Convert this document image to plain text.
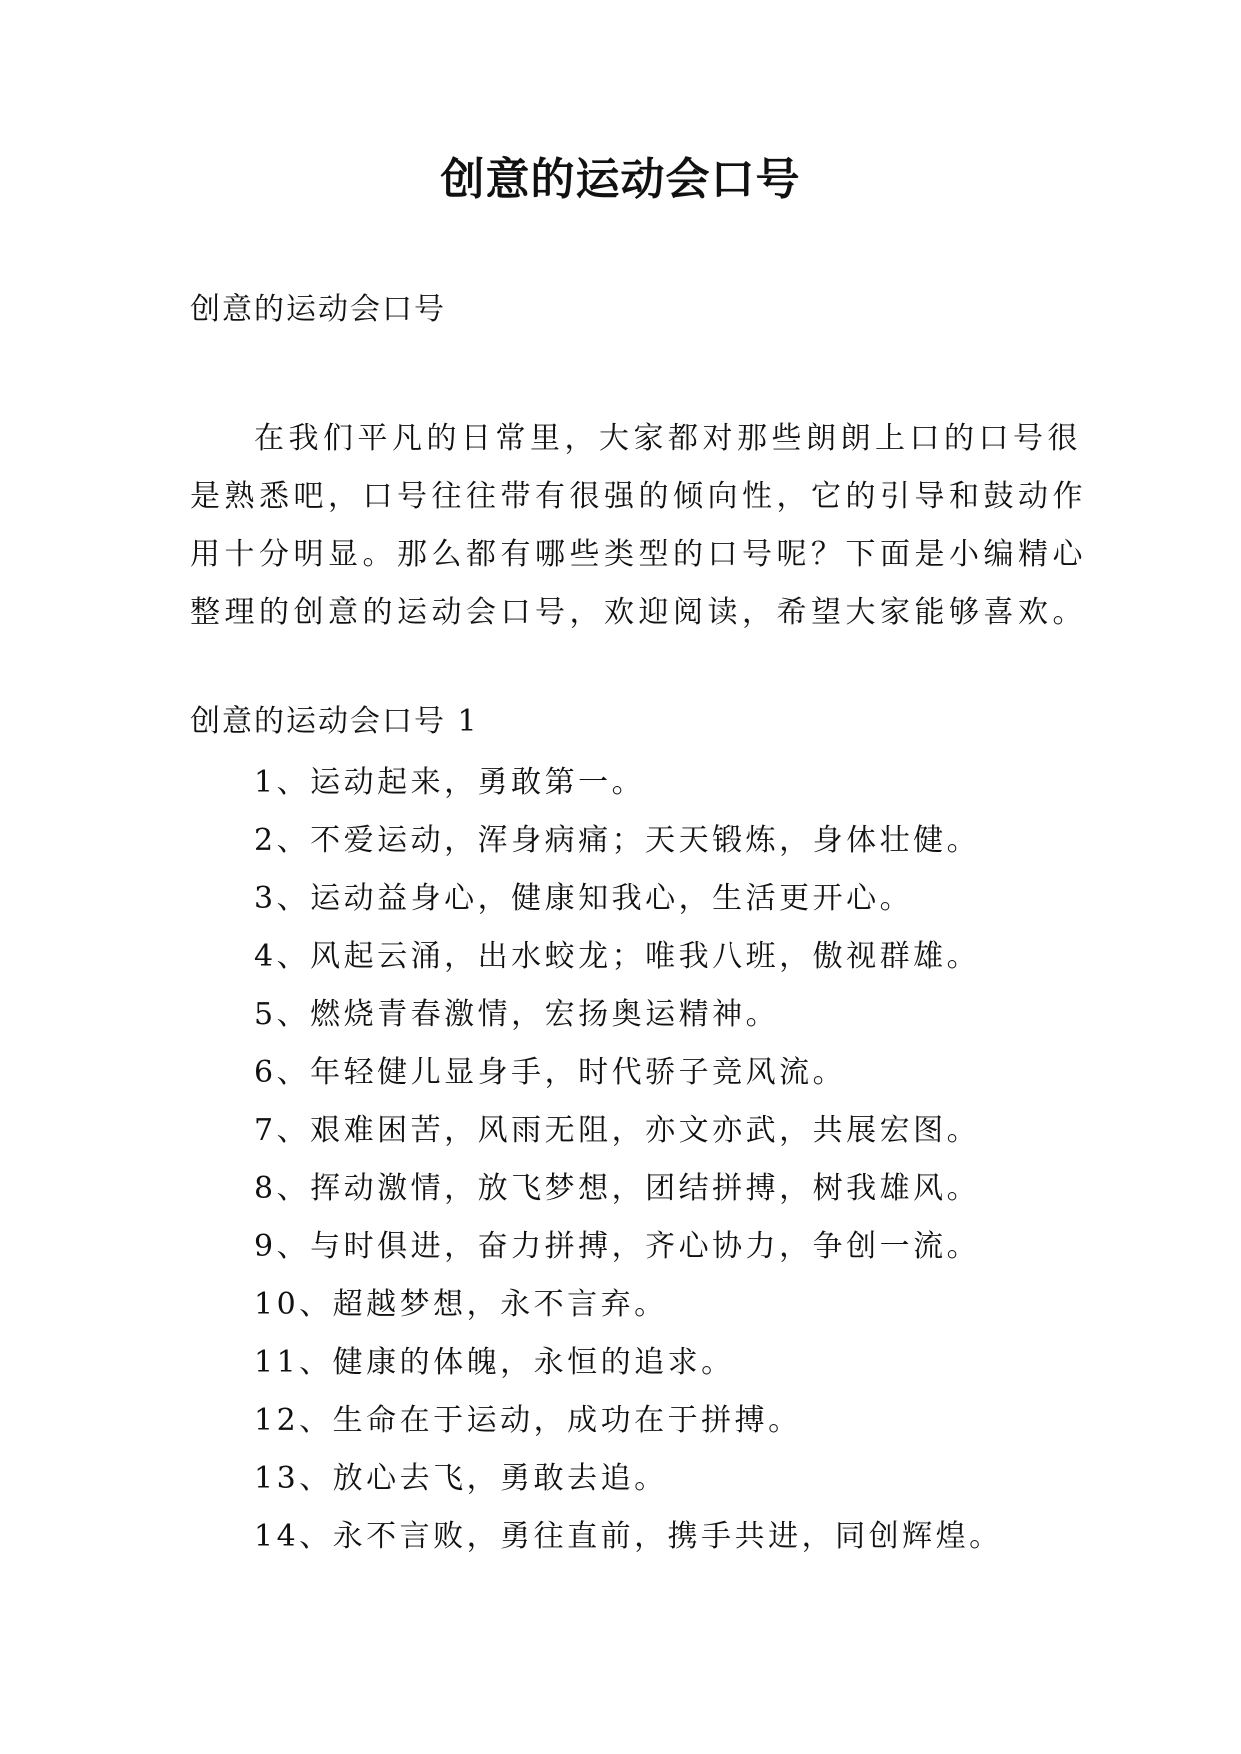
创意的运动会口号
创意的运动会口号

在我们平凡的日常里，大家都对那些朗朗上口的口号很是熟悉吧，口号往往带有很强的倾向性，它的引导和鼓动作用十分明显。那么都有哪些类型的口号呢？下面是小编精心整理的创意的运动会口号，欢迎阅读，希望大家能够喜欢。

创意的运动会口号 1
1、运动起来，勇敢第一。
2、不爱运动，浑身病痛；天天锻炼，身体壮健。
3、运动益身心，健康知我心，生活更开心。
4、风起云涌，出水蛟龙；唯我八班，傲视群雄。
5、燃烧青春激情，宏扬奥运精神。
6、年轻健儿显身手，时代骄子竞风流。
7、艰难困苦，风雨无阻，亦文亦武，共展宏图。
8、挥动激情，放飞梦想，团结拼搏，树我雄风。
9、与时俱进，奋力拼搏，齐心协力，争创一流。
10、超越梦想，永不言弃。
11、健康的体魄，永恒的追求。
12、生命在于运动，成功在于拼搏。
13、放心去飞，勇敢去追。
14、永不言败，勇往直前，携手共进，同创辉煌。
